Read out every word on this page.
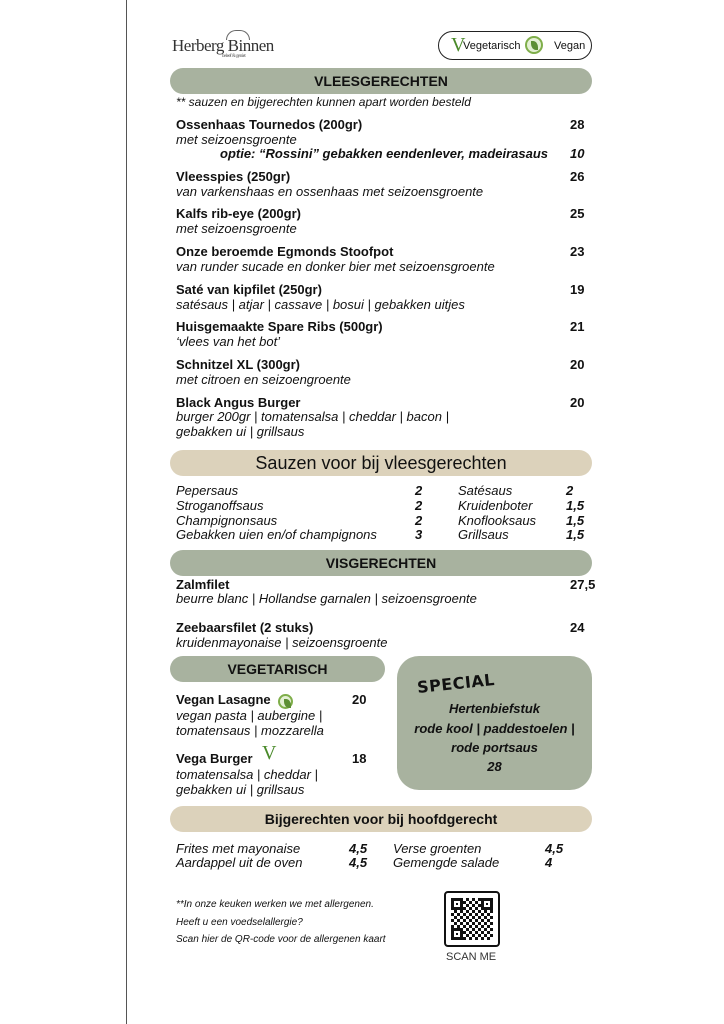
Herberg Binnen
beleef & geniet
V
Vegetarisch	Vegan
VLEESGERECHTEN
** sauzen en bijgerechten kunnen apart worden besteld
Ossenhaas Tournedos (200gr)	28
met seizoensgroente
optie: “Rossini” gebakken eendenlever, madeirasaus 10
Vleesspies (250gr)	26
van varkenshaas en ossenhaas met seizoensgroente
Kalfs rib-eye (200gr)	25
met seizoensgroente
Onze beroemde Egmonds Stoofpot	23
van runder sucade en donker bier met seizoensgroente
Saté van kipfilet (250gr)	19
satésaus | atjar | cassave | bosui | gebakken uitjes
Huisgemaakte Spare Ribs (500gr)	21
‘vlees van het bot’
Schnitzel XL (300gr)	20
met citroen en seizoengroente
Black Angus Burger	20
burger 200gr | tomatensalsa | cheddar | bacon |
gebakken ui | grillsaus
Sauzen voor bij vleesgerechten
Pepersaus	2
Stroganoffsaus	2
Champignonsaus	2
Gebakken uien en/of champignons	3
Satésaus	2
Kruidenboter	1,5
Knoflooksaus 1,5
Grillsaus	1,5
VISGERECHTEN
Zalmfilet	27,5
beurre blanc | Hollandse garnalen | seizoensgroente
Zeebaarsfilet (2 stuks)	24
kruidenmayonaise | seizoensgroente
VEGETARISCH
Vegan Lasagne	20
vegan pasta | aubergine |
tomatensaus | mozzarella
Vega Burger V	18
tomatensalsa | cheddar |
gebakken ui | grillsaus
SPECIAL
Hertenbiefstuk
rode kool | paddestoelen |
rode portsaus
28
Bijgerechten voor bij hoofdgerecht
Frites met mayonaise	4,5
Aardappel uit de oven	4,5
Verse groenten	4,5
Gemengde salade	4
**In onze keuken werken we met allergenen.
Heeft u een voedselallergie?
Scan hier de QR-code voor de allergenen kaart
SCAN ME
